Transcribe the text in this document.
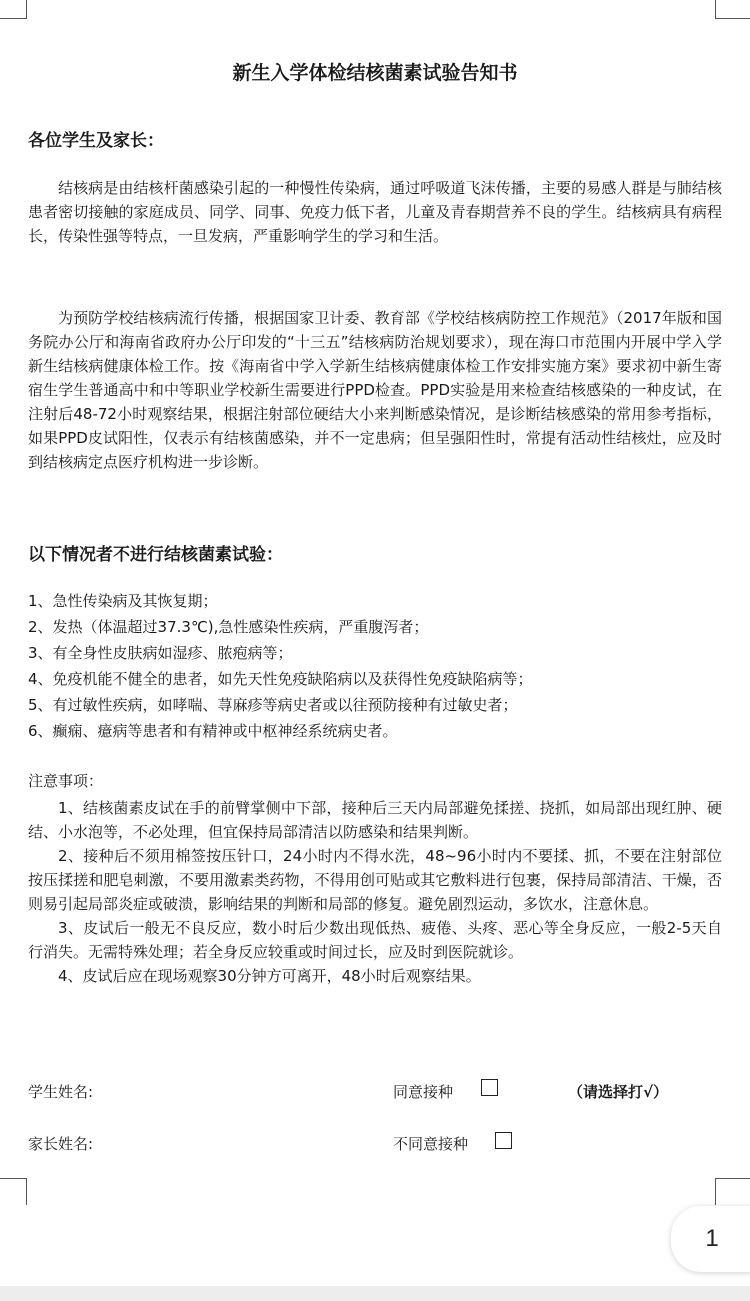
新生入学体检结核菌素试验告知书
各位学生及家长：

结核病是由结核杆菌感染引起的一种慢性传染病，通过呼吸道飞沫传播，主要的易感人群是与肺结核患者密切接触的家庭成员、同学、同事、免疫力低下者，儿童及青春期营养不良的学生。结核病具有病程长，传染性强等特点，一旦发病，严重影响学生的学习和生活。

为预防学校结核病流行传播，根据国家卫计委、教育部《学校结核病防控工作规范》（2017年版和国务院办公厅和海南省政府办公厅印发的“十三五”结核病防治规划要求），现在海口市范围内开展中学入学新生结核病健康体检工作。按《海南省中学入学新生结核病健康体检工作安排实施方案》要求初中新生寄宿生学生普通高中和中等职业学校新生需要进行PPD检查。PPD实验是用来检查结核感染的一种皮试，在注射后48-72小时观察结果，根据注射部位硬结大小来判断感染情况，是诊断结核感染的常用参考指标，如果PPD皮试阳性，仅表示有结核菌感染，并不一定患病；但呈强阳性时，常提有活动性结核灶，应及时到结核病定点医疗机构进一步诊断。

以下情况者不进行结核菌素试验：
1、急性传染病及其恢复期；
2、发热（体温超过37.3℃),急性感染性疾病，严重腹泻者；
3、有全身性皮肤病如湿疹、脓疱病等；
4、免疫机能不健全的患者，如先天性免疫缺陷病以及获得性免疫缺陷病等；
5、有过敏性疾病，如哮喘、荨麻疹等病史者或以往预防接种有过敏史者；
6、癫痫、癔病等患者和有精神或中枢神经系统病史者。
注意事项：

1、结核菌素皮试在手的前臂掌侧中下部，接种后三天内局部避免揉搓、挠抓，如局部出现红肿、硬结、小水泡等，不必处理，但宜保持局部清洁以防感染和结果判断。

2、接种后不须用棉签按压针口，24小时内不得水洗，48~96小时内不要揉、抓，不要在注射部位按压揉搓和肥皂刺激，不要用激素类药物，不得用创可贴或其它敷料进行包裹，保持局部清洁、干燥，否则易引起局部炎症或破溃，影响结果的判断和局部的修复。避免剧烈运动，多饮水，注意休息。

3、皮试后一般无不良反应，数小时后少数出现低热、疲倦、头疼、恶心等全身反应，一般2-5天自行消失。无需特殊处理；若全身反应较重或时间过长，应及时到医院就诊。

4、皮试后应在现场观察30分钟方可离开，48小时后观察结果。

学生姓名:	同意接种	（请选择打√）
家长姓名:	不同意接种
1
